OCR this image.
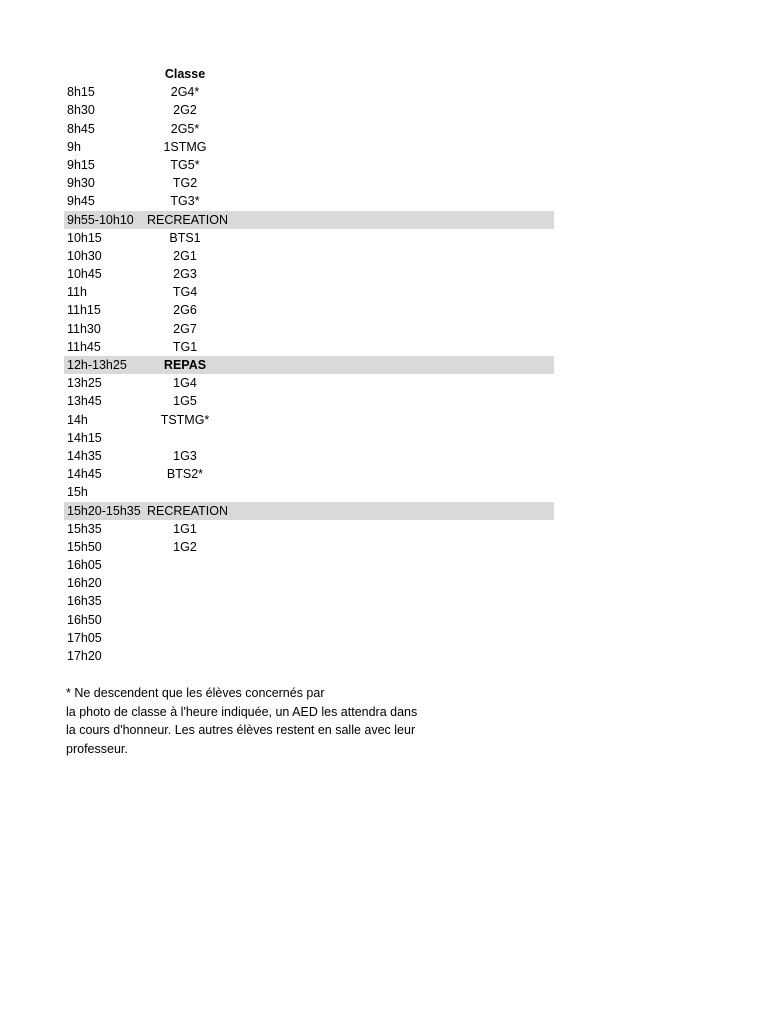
Classe
8h15	2G4*
8h30	2G2
8h45	2G5*
9h	1STMG
9h15	TG5*
9h30	TG2
9h45	TG3*
9h55-10h10 RECREATION
10h15	BTS1
10h30	2G1
10h45	2G3
11h	TG4
11h15	2G6
11h30	2G7
11h45	TG1
12h-13h25	REPAS
13h25	1G4
13h45	1G5
14h	TSTMG*
14h15
14h35	1G3
14h45	BTS2*
15h
15h20-15h35 RECREATION
15h35	1G1
15h50	1G2
16h05
16h20
16h35
16h50
17h05
17h20
* Ne descendent que les élèves concernés par
la photo de classe à l'heure indiquée, un AED les attendra dans
la cours d'honneur. Les autres élèves restent en salle avec leur
professeur.
